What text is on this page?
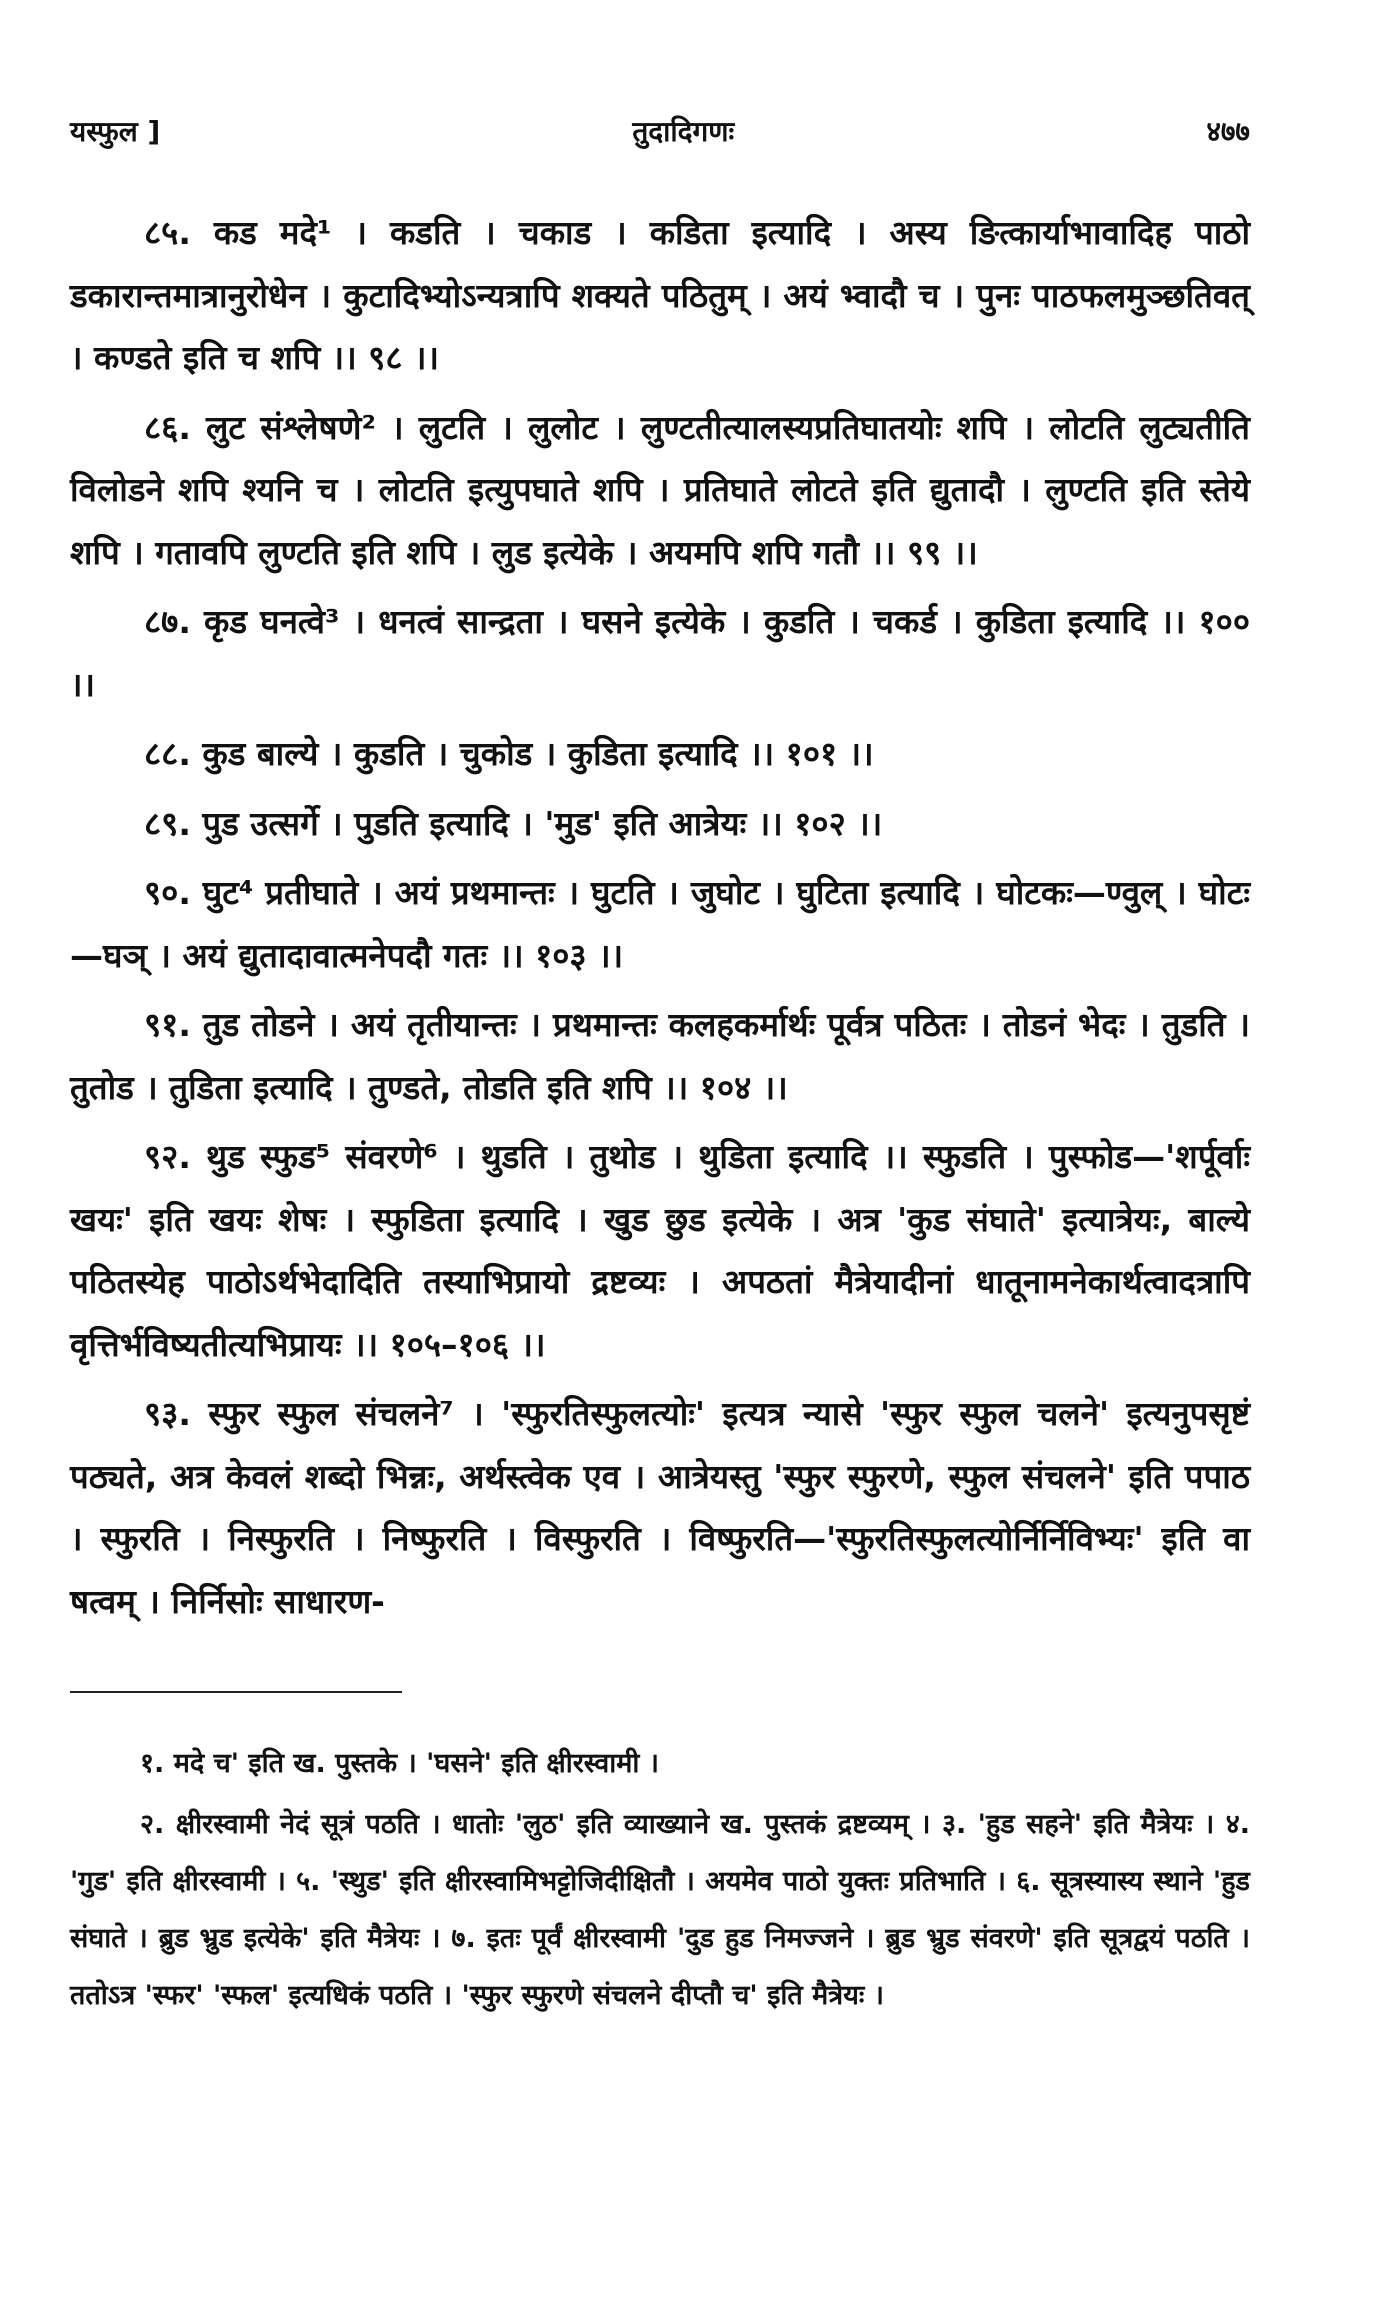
यस्फुल ]	तुदादिगणः	४७७

८५. कड मदे¹ । कडति । चकाड । कडिता इत्यादि । अस्य ङित्कार्याभावादिह पाठो डकारान्तमात्रानुरोधेन । कुटादिभ्योऽन्यत्रापि शक्यते पठितुम् । अयं भ्वादौ च । पुनः पाठफलमुञ्छतिवत् । कण्डते इति च शपि ।। ९८ ।।

८६. लुट संश्लेषणे² । लुटति । लुलोट । लुण्टतीत्यालस्यप्रतिघातयोः शपि । लोटति लुट्यतीति विलोडने शपि श्यनि च । लोटति इत्युपघाते शपि । प्रतिघाते लोटते इति द्युतादौ । लुण्टति इति स्तेये शपि । गतावपि लुण्टति इति शपि । लुड इत्येके । अयमपि शपि गतौ ।। ९९ ।।

८७. कृड घनत्वे³ । धनत्वं सान्द्रता । घसने इत्येके । कुडति । चकर्ड । कुडिता इत्यादि ।। १०० ।।

८८. कुड बाल्ये । कुडति । चुकोड । कुडिता इत्यादि ।। १०१ ।।

८९. पुड उत्सर्गे । पुडति इत्यादि । 'मुड' इति आत्रेयः ।। १०२ ।।

९०. घुट⁴ प्रतीघाते । अयं प्रथमान्तः । घुटति । जुघोट । घुटिता इत्यादि । घोटकः—ण्वुल् । घोटः—घञ् । अयं द्युतादावात्मनेपदौ गतः ।। १०३ ।।

९१. तुड तोडने । अयं तृतीयान्तः । प्रथमान्तः कलहकर्मार्थः पूर्वत्र पठितः । तोडनं भेदः । तुडति । तुतोड । तुडिता इत्यादि । तुण्डते, तोडति इति शपि ।। १०४ ।।

९२. थुड स्फुड⁵ संवरणे⁶ । थुडति । तुथोड । थुडिता इत्यादि ।। स्फुडति । पुस्फोड—'शर्पूर्वाः खयः' इति खयः शेषः । स्फुडिता इत्यादि । खुड छुड इत्येके । अत्र 'कुड संघाते' इत्यात्रेयः, बाल्ये पठितस्येह पाठोऽर्थभेदादिति तस्याभिप्रायो द्रष्टव्यः । अपठतां मैत्रेयादीनां धातूनामनेकार्थत्वादत्रापि वृत्तिर्भविष्यतीत्यभिप्रायः ।। १०५–१०६ ।।

९३. स्फुर स्फुल संचलने⁷ । 'स्फुरतिस्फुलत्योः' इत्यत्र न्यासे 'स्फुर स्फुल चलने' इत्यनुपसृष्टं पठ्यते, अत्र केवलं शब्दो भिन्नः, अर्थस्त्वेक एव । आत्रेयस्तु 'स्फुर स्फुरणे, स्फुल संचलने' इति पपाठ । स्फुरति । निस्फुरति । निष्फुरति । विस्फुरति । विष्फुरति—'स्फुरतिस्फुलत्योर्निर्निविभ्यः' इति वा षत्वम् । निर्निसोः साधारण-

१. मदे च' इति ख. पुस्तके । 'घसने' इति क्षीरस्वामी ।

२. क्षीरस्वामी नेदं सूत्रं पठति । धातोः 'लुठ' इति व्याख्याने ख. पुस्तकं द्रष्टव्यम् । ३. 'हुड सहने' इति मैत्रेयः । ४. 'गुड' इति क्षीरस्वामी । ५. 'स्थुड' इति क्षीरस्वामिभट्टोजिदीक्षितौ । अयमेव पाठो युक्तः प्रतिभाति । ६. सूत्रस्यास्य स्थाने 'हुड संघाते । ब्रुड भ्रुड इत्येके' इति मैत्रेयः । ७. इतः पूर्वं क्षीरस्वामी 'दुड हुड निमज्जने । ब्रुड भ्रुड संवरणे' इति सूत्रद्वयं पठति । ततोऽत्र 'स्फर' 'स्फल' इत्यधिकं पठति । 'स्फुर स्फुरणे संचलने दीप्तौ च' इति मैत्रेयः ।
